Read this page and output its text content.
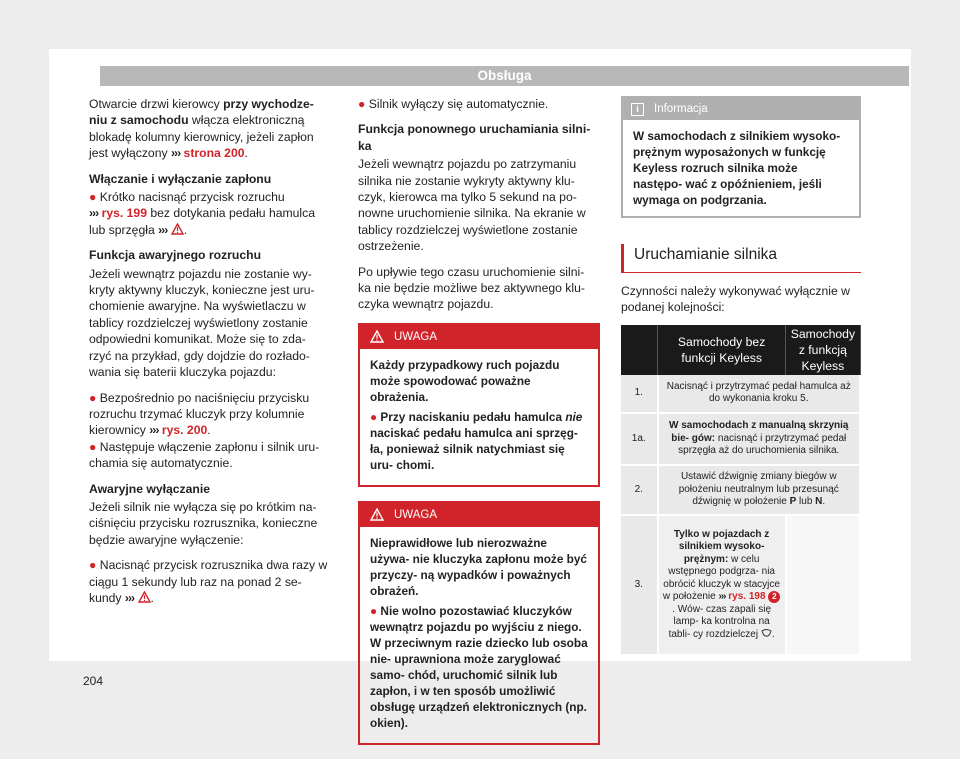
Obsługa

Otwarcie drzwi kierowcy przy wychodze- niu z samochodu włącza elektroniczną blokadę kolumny kierownicy, jeżeli zapłon jest wyłączony ››› strona 200.

Włączanie i wyłączanie zapłonu

● Krótko nacisnąć przycisk rozruchu
››› rys. 199 bez dotykania pedału hamulca lub sprzęgła ››› .

Funkcja awaryjnego rozruchu

Jeżeli wewnątrz pojazdu nie zostanie wy- kryty aktywny kluczyk, konieczne jest uru- chomienie awaryjne. Na wyświetlaczu w tablicy rozdzielczej wyświetlony zostanie odpowiedni komunikat. Może się to zda- rzyć na przykład, gdy dojdzie do rozłado- wania się baterii kluczyka pojazdu:

● Bezpośrednio po naciśnięciu przycisku rozruchu trzymać kluczyk przy kolumnie kierownicy ››› rys. 200.
● Następuje włączenie zapłonu i silnik uru- chamia się automatycznie.

Awaryjne wyłączanie

Jeżeli silnik nie wyłącza się po krótkim na- ciśnięciu przycisku rozrusznika, konieczne będzie awaryjne wyłączenie:

● Nacisnąć przycisk rozrusznika dwa razy w ciągu 1 sekundy lub raz na ponad 2 se- kundy ››› .

● Silnik wyłączy się automatycznie.

Funkcja ponownego uruchamiania silni- ka

Jeżeli wewnątrz pojazdu po zatrzymaniu silnika nie zostanie wykryty aktywny klu- czyk, kierowca ma tylko 5 sekund na po- nowne uruchomienie silnika. Na ekranie w tablicy rozdzielczej wyświetlone zostanie ostrzeżenie.

Po upływie tego czasu uruchomienie silni- ka nie będzie możliwe bez aktywnego klu- czyka wewnątrz pojazdu.

UWAGA

Każdy przypadkowy ruch pojazdu może spowodować poważne obrażenia.

● Przy naciskaniu pedału hamulca nie naciskać pedału hamulca ani sprzęg- ła, ponieważ silnik natychmiast się uru- chomi.

UWAGA

Nieprawidłowe lub nierozważne używa- nie kluczyka zapłonu może być przyczy- ną wypadków i poważnych obrażeń.

● Nie wolno pozostawiać kluczyków wewnątrz pojazdu po wyjściu z niego. W przeciwnym razie dziecko lub osoba nie- uprawniona może zaryglować samo- chód, uruchomić silnik lub zapłon, i w ten sposób umożliwić obsługę urządzeń elektronicznych (np. okien).

i	Informacja
W samochodach z silnikiem wysoko- prężnym wyposażonych w funkcję Keyless rozruch silnika może następo- wać z opóźnieniem, jeśli wymaga on podgrzania.
Uruchamianie silnika

Czynności należy wykonywać wyłącznie w podanej kolejności:

	Samochody bez funkcji Keyless	Samochody z funkcją Keyless
1.	Nacisnąć i przytrzymać pedał hamulca aż do wykonania kroku 5.	
1a.	W samochodach z manualną skrzynią bie- gów: nacisnąć i przytrzymać pedał sprzęgła aż do uruchomienia silnika.	
2.	Ustawić dźwignię zmiany biegów w położeniu neutralnym lub przesunąć dźwignię w położenie P lub N.	
3.	Tylko w pojazdach z silnikiem wysoko- prężnym: w celu wstępnego podgrza- nia obrócić kluczyk w stacyjce w położenie ››› rys. 198 2. Wów- czas zapali się lamp- ka kontrolna na tabli- cy rozdzielczej .	
204
